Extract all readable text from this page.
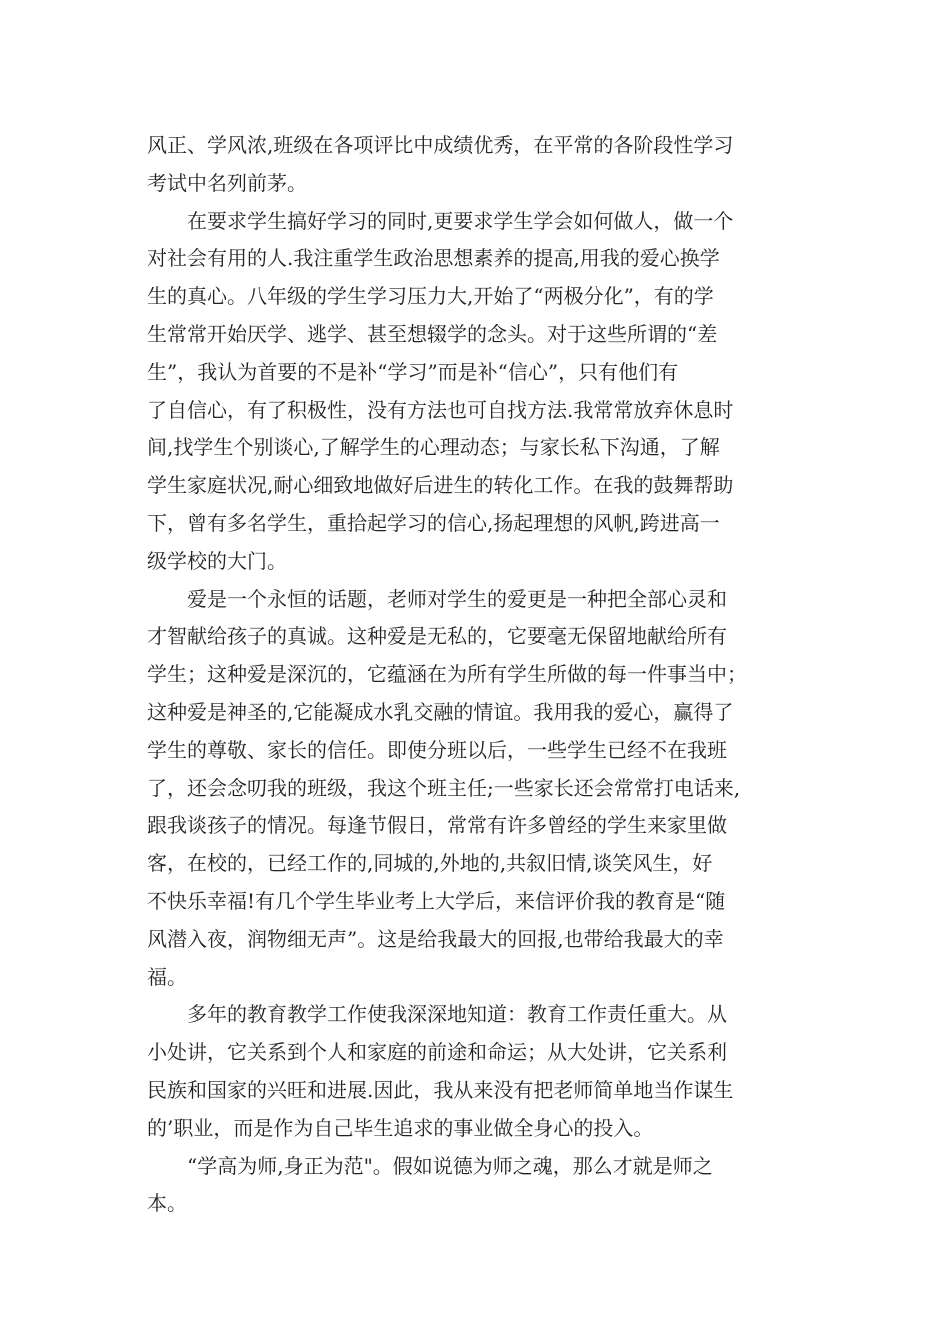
风正、学风浓,班级在各项评比中成绩优秀，在平常的各阶段性学习
考试中名列前茅。
在要求学生搞好学习的同时,更要求学生学会如何做人，做一个
对社会有用的人.我注重学生政治思想素养的提高,用我的爱心换学
生的真心。八年级的学生学习压力大,开始了“两极分化”，有的学
生常常开始厌学、逃学、甚至想辍学的念头。对于这些所谓的“差
生”，我认为首要的不是补“学习”而是补“信心”，只有他们有
了自信心，有了积极性，没有方法也可自找方法.我常常放弃休息时
间,找学生个别谈心,了解学生的心理动态；与家长私下沟通，了解
学生家庭状况,耐心细致地做好后进生的转化工作。在我的鼓舞帮助
下，曾有多名学生，重拾起学习的信心,扬起理想的风帆,跨进高一
级学校的大门。
爱是一个永恒的话题，老师对学生的爱更是一种把全部心灵和
才智献给孩子的真诚。这种爱是无私的，它要毫无保留地献给所有
学生；这种爱是深沉的，它蕴涵在为所有学生所做的每一件事当中；
这种爱是神圣的,它能凝成水乳交融的情谊。我用我的爱心，赢得了
学生的尊敬、家长的信任。即使分班以后，一些学生已经不在我班
了，还会念叨我的班级，我这个班主任;一些家长还会常常打电话来,
跟我谈孩子的情况。每逢节假日，常常有许多曾经的学生来家里做
客，在校的，已经工作的,同城的,外地的,共叙旧情,谈笑风生，好
不快乐幸福!有几个学生毕业考上大学后，来信评价我的教育是“随
风潜入夜，润物细无声”。这是给我最大的回报,也带给我最大的幸
福。
多年的教育教学工作使我深深地知道：教育工作责任重大。从
小处讲，它关系到个人和家庭的前途和命运；从大处讲，它关系利
民族和国家的兴旺和进展.因此，我从来没有把老师简单地当作谋生
的’职业，而是作为自己毕生追求的事业做全身心的投入。
“学高为师,身正为范"。假如说德为师之魂，那么才就是师之
本。
